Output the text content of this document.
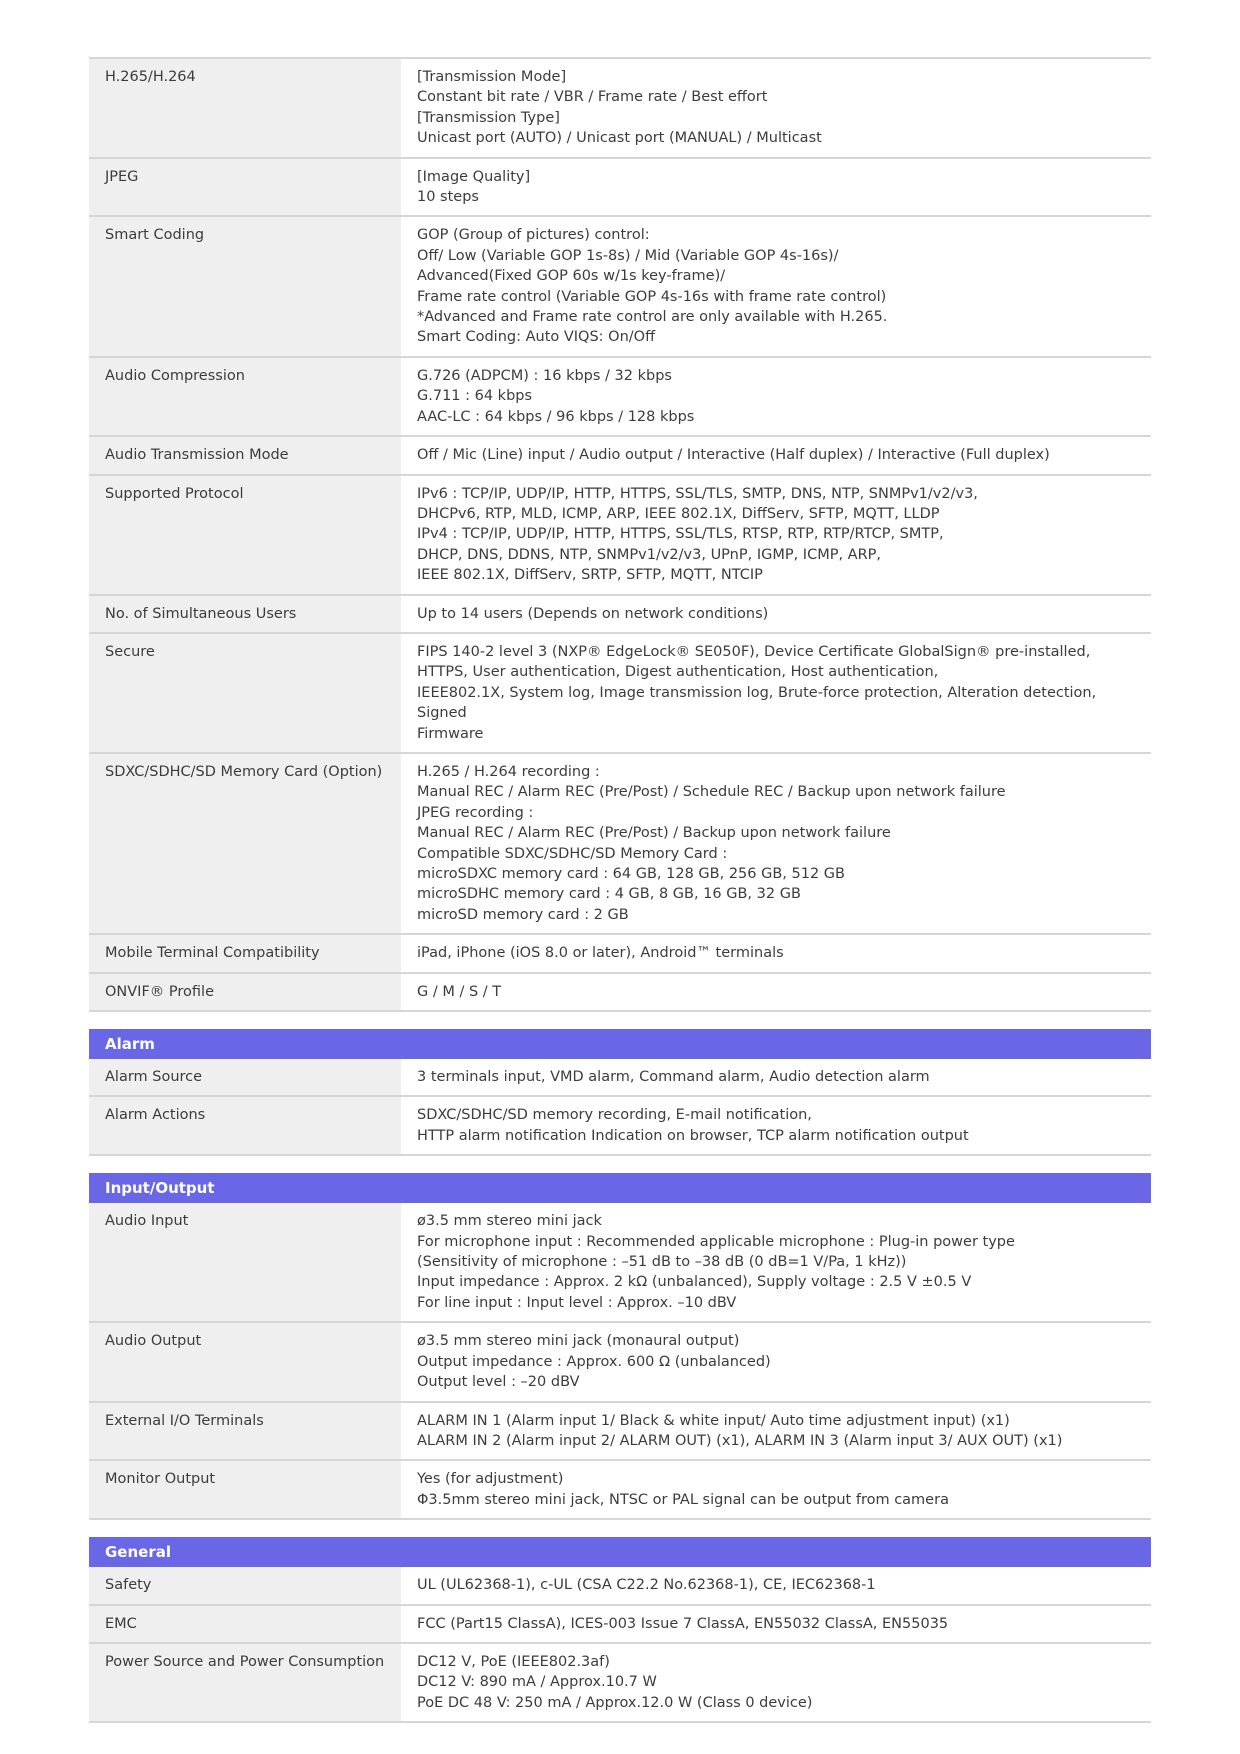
H.265/H.264	[Transmission Mode]
Constant bit rate / VBR / Frame rate / Best effort
[Transmission Type]
Unicast port (AUTO) / Unicast port (MANUAL) / Multicast
JPEG	[Image Quality]
10 steps
Smart Coding	GOP (Group of pictures) control:
Off/ Low (Variable GOP 1s-8s) / Mid (Variable GOP 4s-16s)/
Advanced(Fixed GOP 60s w/1s key-frame)/
Frame rate control (Variable GOP 4s-16s with frame rate control)
*Advanced and Frame rate control are only available with H.265.
Smart Coding: Auto VIQS: On/Off
Audio Compression	G.726 (ADPCM) : 16 kbps / 32 kbps
G.711 : 64 kbps
AAC-LC : 64 kbps / 96 kbps / 128 kbps
Audio Transmission Mode	Off / Mic (Line) input / Audio output / Interactive (Half duplex) / Interactive (Full duplex)
Supported Protocol	IPv6 : TCP/IP, UDP/IP, HTTP, HTTPS, SSL/TLS, SMTP, DNS, NTP, SNMPv1/v2/v3,
DHCPv6, RTP, MLD, ICMP, ARP, IEEE 802.1X, DiffServ, SFTP, MQTT, LLDP
IPv4 : TCP/IP, UDP/IP, HTTP, HTTPS, SSL/TLS, RTSP, RTP, RTP/RTCP, SMTP,
DHCP, DNS, DDNS, NTP, SNMPv1/v2/v3, UPnP, IGMP, ICMP, ARP,
IEEE 802.1X, DiffServ, SRTP, SFTP, MQTT, NTCIP
No. of Simultaneous Users	Up to 14 users (Depends on network conditions)
Secure	FIPS 140-2 level 3 (NXP® EdgeLock® SE050F), Device Certificate GlobalSign® pre-installed,
HTTPS, User authentication, Digest authentication, Host authentication,
IEEE802.1X, System log, Image transmission log, Brute-force protection, Alteration detection, Signed
Firmware
SDXC/SDHC/SD Memory Card (Option)	H.265 / H.264 recording :
Manual REC / Alarm REC (Pre/Post) / Schedule REC / Backup upon network failure
JPEG recording :
Manual REC / Alarm REC (Pre/Post) / Backup upon network failure
Compatible SDXC/SDHC/SD Memory Card :
microSDXC memory card : 64 GB, 128 GB, 256 GB, 512 GB
microSDHC memory card : 4 GB, 8 GB, 16 GB, 32 GB
microSD memory card : 2 GB
Mobile Terminal Compatibility	iPad, iPhone (iOS 8.0 or later), Android™ terminals
ONVIF® Profile	G / M / S / T
Alarm
Alarm Source	3 terminals input, VMD alarm, Command alarm, Audio detection alarm
Alarm Actions	SDXC/SDHC/SD memory recording, E-mail notification,
HTTP alarm notification Indication on browser, TCP alarm notification output
Input/Output
Audio Input	ø3.5 mm stereo mini jack
For microphone input : Recommended applicable microphone : Plug-in power type
(Sensitivity of microphone : –51 dB to –38 dB (0 dB=1 V/Pa, 1 kHz))
Input impedance : Approx. 2 kΩ (unbalanced), Supply voltage : 2.5 V ±0.5 V
For line input : Input level : Approx. –10 dBV
Audio Output	ø3.5 mm stereo mini jack (monaural output)
Output impedance : Approx. 600 Ω (unbalanced)
Output level : –20 dBV
External I/O Terminals	ALARM IN 1 (Alarm input 1/ Black & white input/ Auto time adjustment input) (x1)
ALARM IN 2 (Alarm input 2/ ALARM OUT) (x1), ALARM IN 3 (Alarm input 3/ AUX OUT) (x1)
Monitor Output	Yes (for adjustment)
Φ3.5mm stereo mini jack, NTSC or PAL signal can be output from camera
General
Safety	UL (UL62368-1), c-UL (CSA C22.2 No.62368-1), CE, IEC62368-1
EMC	FCC (Part15 ClassA), ICES-003 Issue 7 ClassA, EN55032 ClassA, EN55035
Power Source and Power Consumption	DC12 V, PoE (IEEE802.3af)
DC12 V: 890 mA / Approx.10.7 W
PoE DC 48 V: 250 mA / Approx.12.0 W (Class 0 device)
